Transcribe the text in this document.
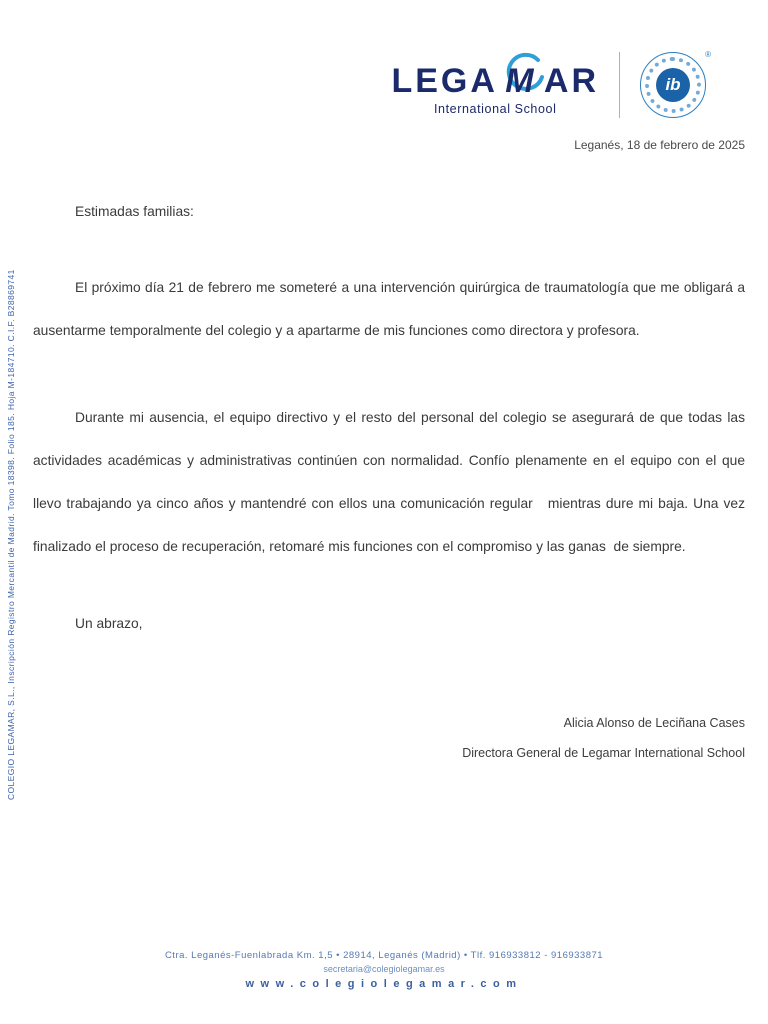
COLEGIO LEGAMAR, S.L., Inscripción Registro Mercantil de Madrid. Tomo 18398. Folio 185. Hoja M-184710. C.I.F. B28869741
LEGA M AR
International School
ib
®
Leganés, 18 de febrero de 2025

Estimadas familias:

El próximo día 21 de febrero me someteré a una intervención quirúrgica de traumatología que me obligará a ausentarme temporalmente del colegio y a apartarme de mis funciones como directora y profesora.

Durante mi ausencia, el equipo directivo y el resto del personal del colegio se asegurará de que todas las actividades académicas y administrativas continúen con normalidad. Confío plenamente en el equipo con el que llevo trabajando ya cinco años y mantendré con ellos una comunicación regular   mientras dure mi baja. Una vez finalizado el proceso de recuperación, retomaré mis funciones con el compromiso y las ganas  de siempre.

Un abrazo,

Alicia Alonso de Leciñana Cases
Directora General de Legamar International School
Ctra. Leganés-Fuenlabrada Km. 1,5 • 28914, Leganés (Madrid) • Tlf. 916933812 - 916933871
secretaria@colegiolegamar.es
www.colegiolegamar.com
